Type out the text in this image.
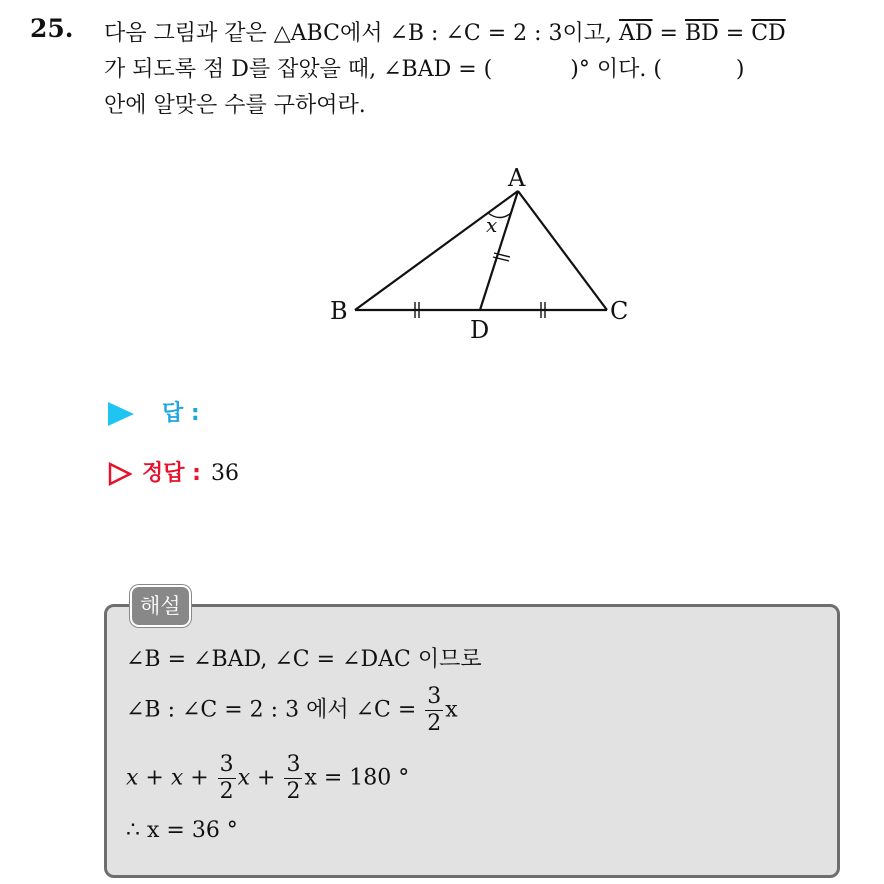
25. 다음 그림과 같은 △ABC에서 ∠B : ∠C = 2 : 3이고, $\overline{AD} = \overline{BD} = \overline{CD}$
가 되도록 점 D를 잡았을 때, ∠BAD = (	)° 이다. (	)
안에 알맞은 수를 구하여라.
A
B	C
D
x
답 :
정답 : 36
해설
∠B = ∠BAD, ∠C = ∠DAC 이므로
∠B : ∠C = 2 : 3 에서 ∠C = $\frac{3}{2}$ x
$x + x + \frac{3}{2}$ $x + \frac{3}{2}$ x = 180 °
∴ x = 36 °
